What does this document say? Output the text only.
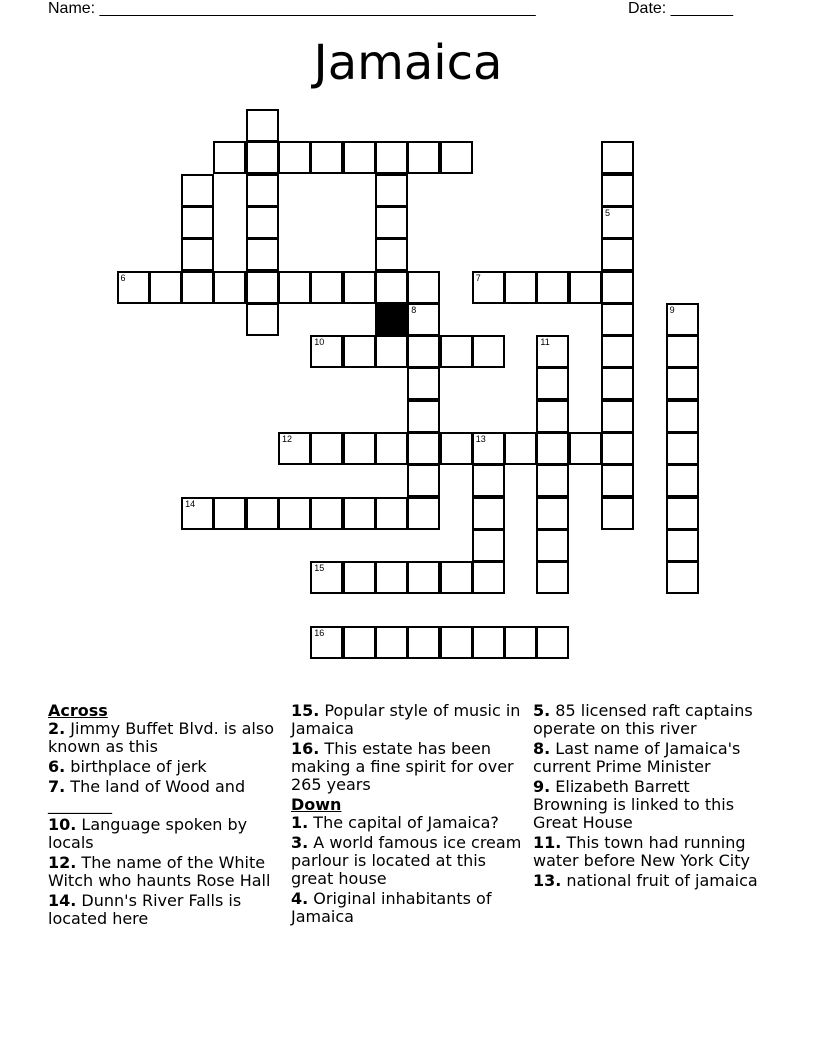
Name: _________________________________________________	Date: _______
Jamaica
6
5
7
8
10
9
11
12	13
14
15
16
Across
2. Jimmy Buffet Blvd. is also known as this
6. birthplace of jerk
7. The land of Wood and ________
10. Language spoken by locals
12. The name of the White Witch who haunts Rose Hall
14. Dunn's River Falls is located here
15. Popular style of music in Jamaica
16. This estate has been making a fine spirit for over 265 years
Down
1. The capital of Jamaica?
3. A world famous ice cream parlour is located at this great house
4. Original inhabitants of Jamaica
5. 85 licensed raft captains operate on this river
8. Last name of Jamaica's current Prime Minister
9. Elizabeth Barrett Browning is linked to this Great House
11. This town had running water before New York City
13. national fruit of jamaica
